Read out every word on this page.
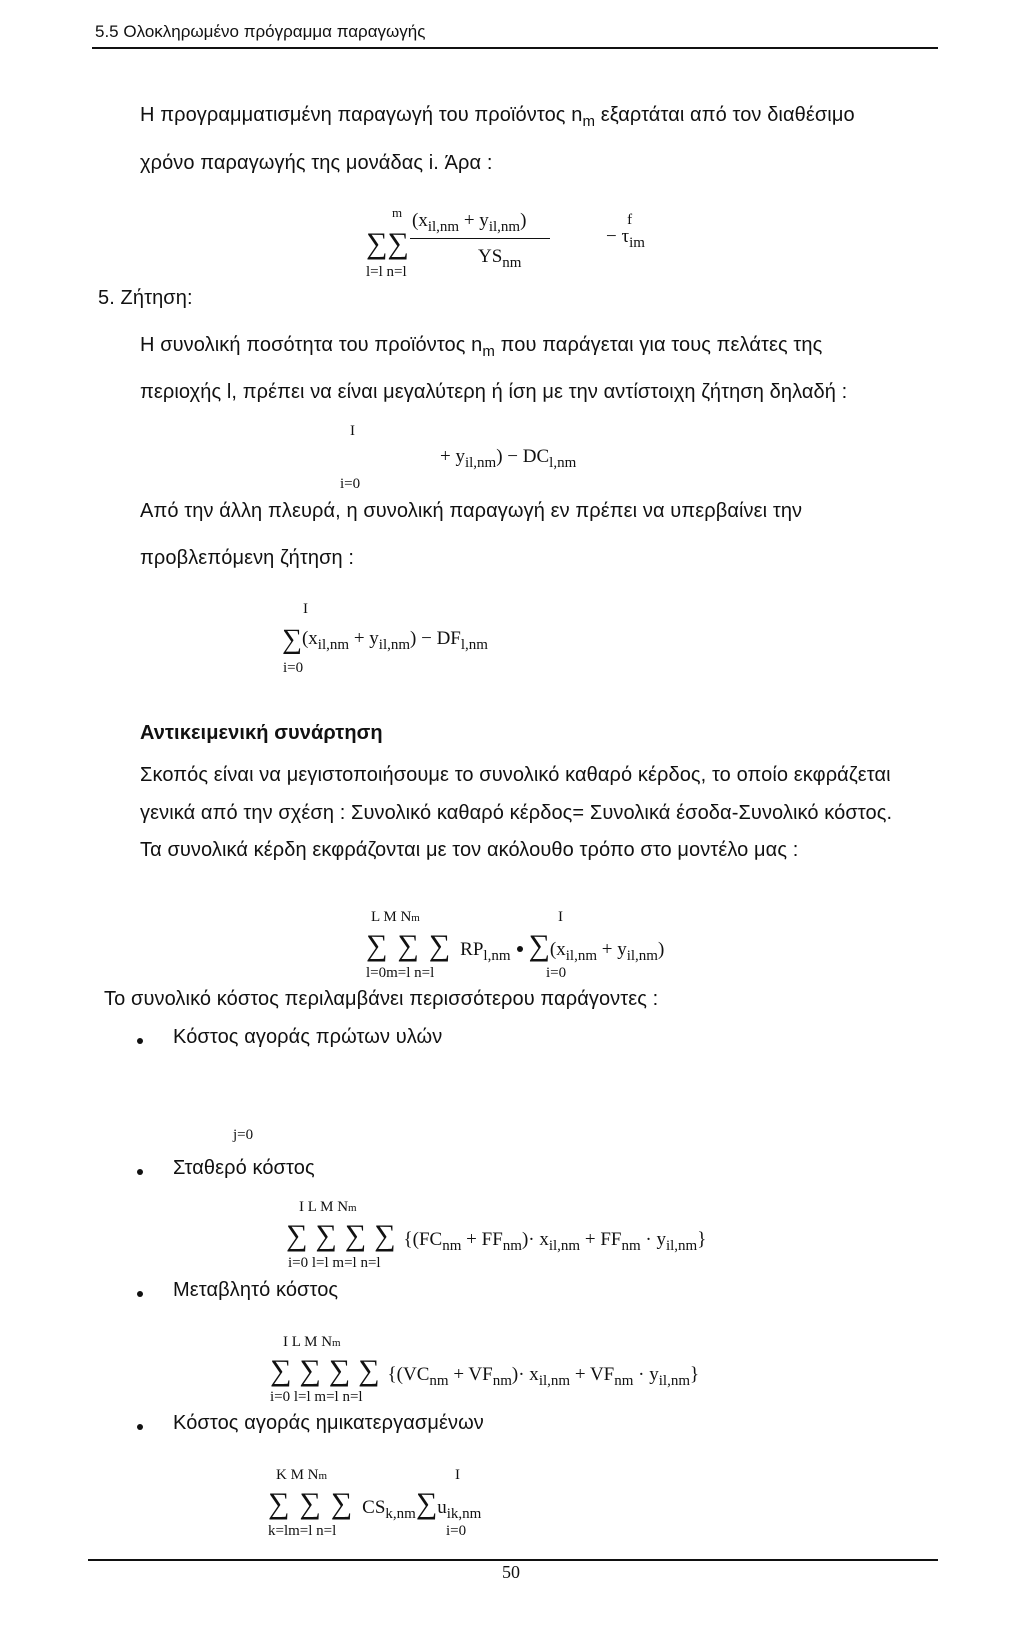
5.5 Ολοκληρωμένο πρόγραμμα παραγωγής
Η προγραμματισμένη παραγωγή του προϊόντος $n_m$ εξαρτάται από τον διαθέσιμο
χρόνο παραγωγής της μονάδας i. Άρα :
m
∑∑
l=l n=l
$(x_{il,nm} + y_{il,nm})$
$YS_{nm}$
− τ
f
$_{im}$
5. Ζήτηση:
Η συνολική ποσότητα του προϊόντος $n_m$ που παράγεται για τους πελάτες της
περιοχής l, πρέπει να είναι μεγαλύτερη ή ίση με την αντίστοιχη ζήτηση δηλαδή :
I
+ $y_{il,nm}) - DC_{l,nm}$
i=0
Από την άλλη πλευρά, η συνολική παραγωγή εν πρέπει να υπερβαίνει την
προβλεπόμενη ζήτηση :
I
$\sum(x_{il,nm} + y_{il,nm}) - DF_{l,nm}$
i=0
Αντικειμενική συνάρτηση
Σκοπός είναι να μεγιστοποιήσουμε το συνολικό καθαρό κέρδος, το οποίο εκφράζεται
γενικά από την σχέση : Συνολικό καθαρό κέρδος= Συνολικά έσοδα-Συνολικό κόστος.
Τα συνολικά κέρδη εκφράζονται με τον ακόλουθο τρόπο στο μοντέλο μας :
L M Nm	I
$\sum\sum\sum RP_{l,nm}$ $\sum(x_{il,nm} + y_{il,nm})$
l=0m=l n=l	i=0
Το συνολικό κόστος περιλαμβάνει περισσότερου παράγοντες :
Κόστος αγοράς πρώτων υλών
j=0
Σταθερό κόστος
I L M Nm
$\sum\sum\sum\sum\{(FC_{nm} + FF_{nm})\cdot x_{il,nm} + FF_{nm} \cdot y_{il,nm}\}$
i=0 l=l m=l n=l
Μεταβλητό κόστος
I L M Nm
$\sum\sum\sum\sum\{(VC_{nm} + VF_{nm})\cdot x_{il,nm} + VF_{nm} \cdot y_{il,nm}\}$
i=0 l=l m=l n=l
Κόστος αγοράς ημικατεργασμένων
K M Nm	I
$\sum\sum\sum CS_{k,nm}\sum u_{ik,nm}$
k=lm=l n=l	i=0
50
